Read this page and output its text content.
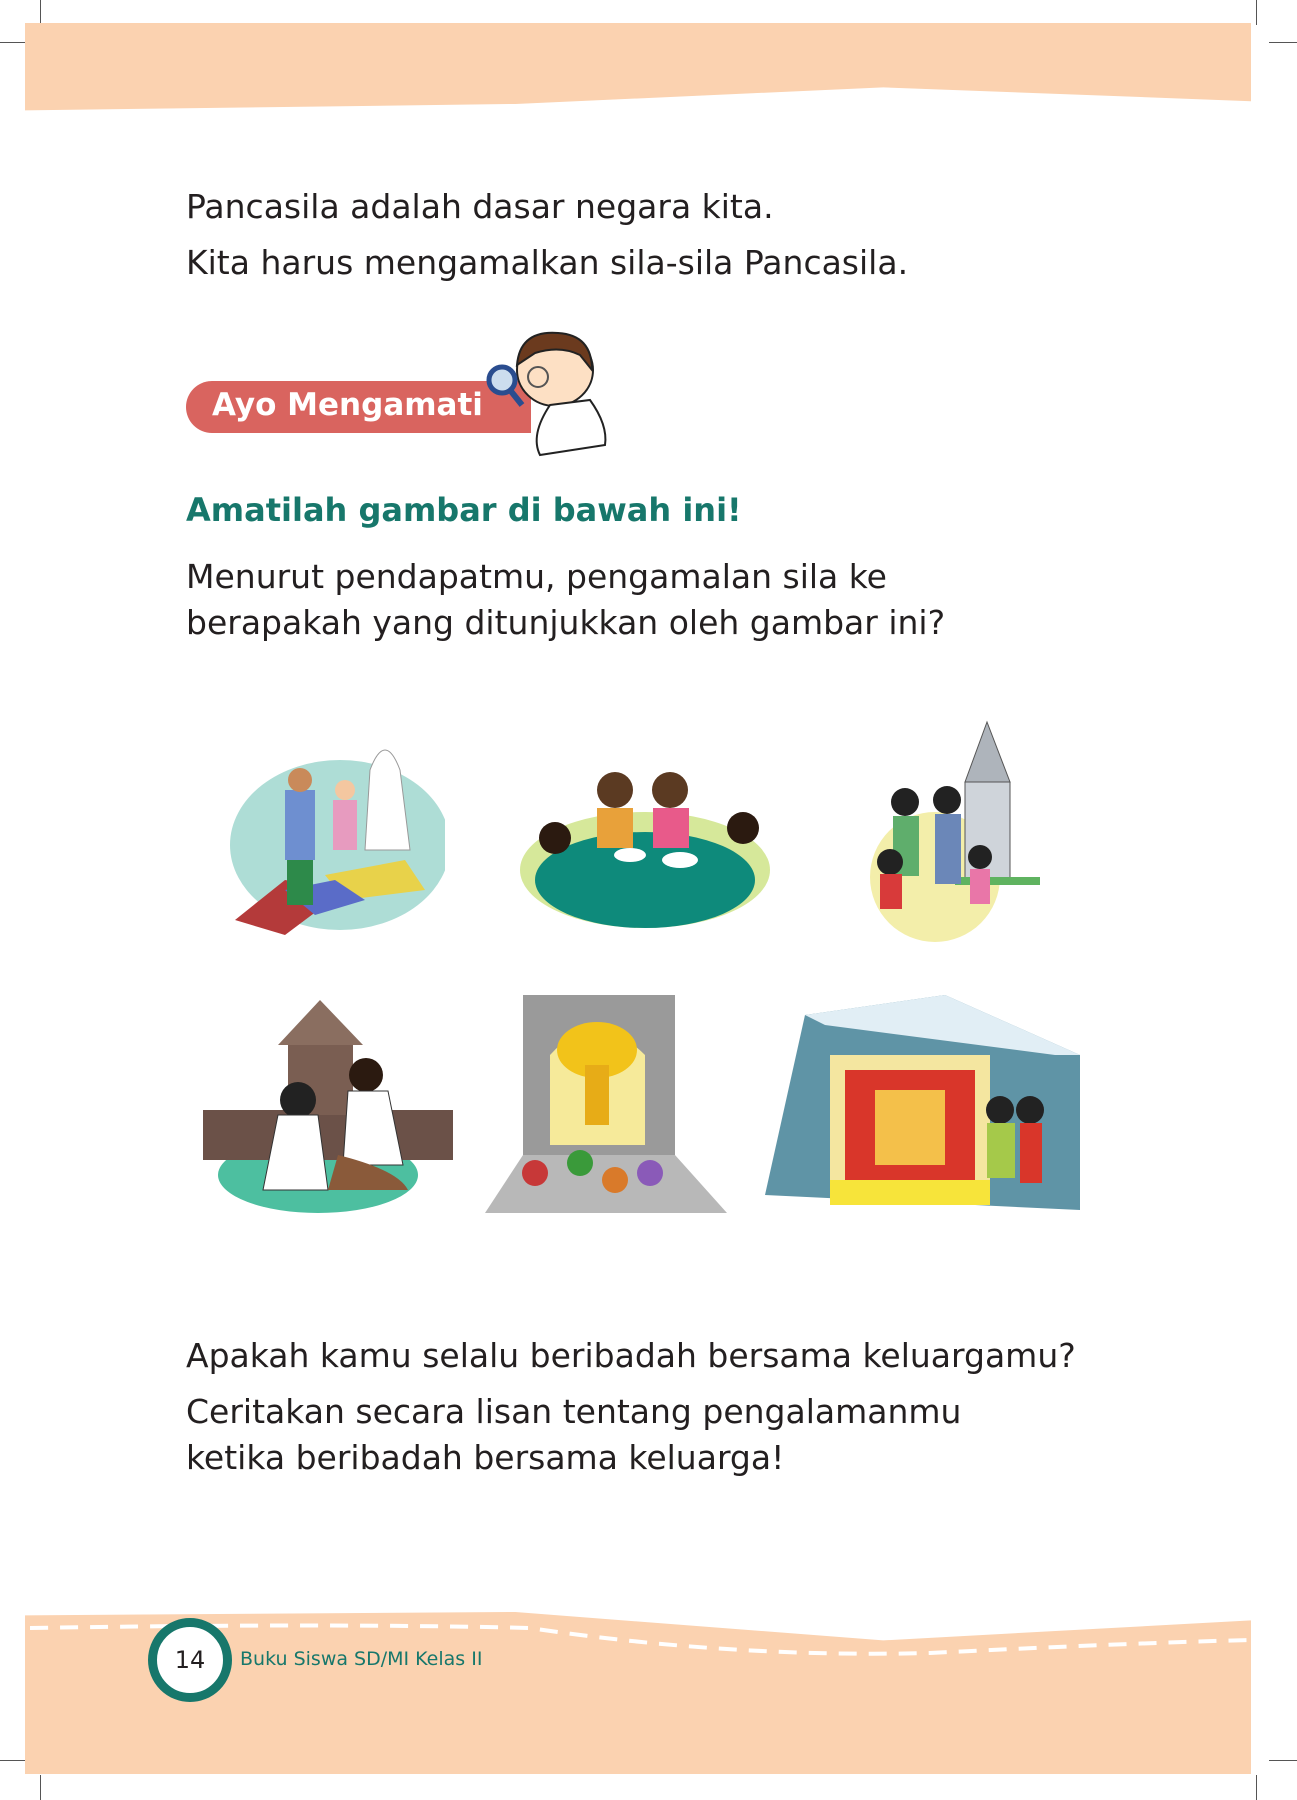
Pancasila adalah dasar negara kita.
Kita harus mengamalkan sila-sila Pancasila.
Ayo Mengamati
Amatilah gambar di bawah ini!
Menurut pendapatmu, pengamalan sila ke
berapakah yang ditunjukkan oleh gambar ini?
Apakah kamu selalu beribadah bersama keluargamu?
Ceritakan secara lisan tentang pengalamanmu
ketika beribadah bersama keluarga!
14	Buku Siswa SD/MI Kelas II
